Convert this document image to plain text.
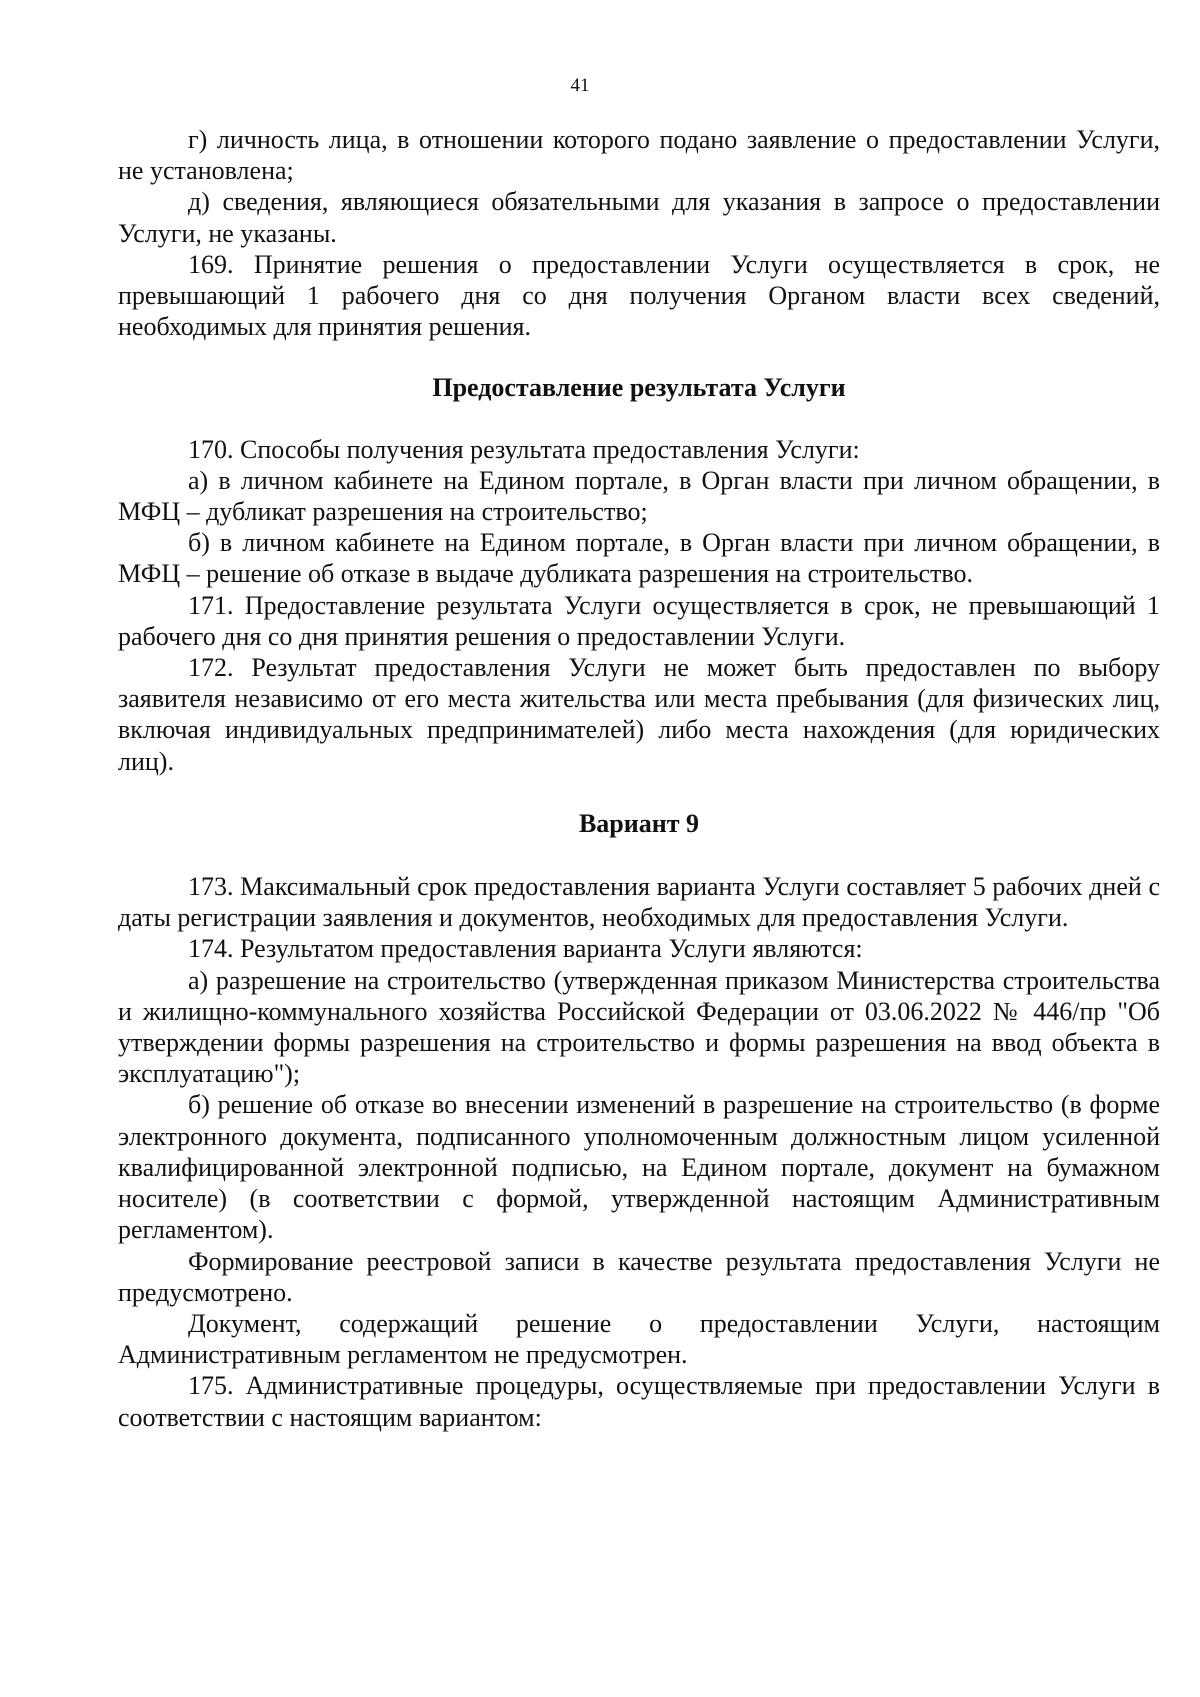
41

г) личность лица, в отношении которого подано заявление о предоставлении Услуги, не установлена;

д) сведения, являющиеся обязательными для указания в запросе о предоставлении Услуги, не указаны.

169. Принятие решения о предоставлении Услуги осуществляется в срок, не превышающий 1 рабочего дня со дня получения Органом власти всех сведений, необходимых для принятия решения.

Предоставление результата Услуги

170. Способы получения результата предоставления Услуги:

а) в личном кабинете на Едином портале, в Орган власти при личном обращении, в МФЦ – дубликат разрешения на строительство;

б) в личном кабинете на Едином портале, в Орган власти при личном обращении, в МФЦ – решение об отказе в выдаче дубликата разрешения на строительство.

171. Предоставление результата Услуги осуществляется в срок, не превышающий 1 рабочего дня со дня принятия решения о предоставлении Услуги.

172. Результат предоставления Услуги не может быть предоставлен по выбору заявителя независимо от его места жительства или места пребывания (для физических лиц, включая индивидуальных предпринимателей) либо места нахождения (для юридических лиц).

Вариант 9

173. Максимальный срок предоставления варианта Услуги составляет 5 рабочих дней с даты регистрации заявления и документов, необходимых для предоставления Услуги.

174. Результатом предоставления варианта Услуги являются:

а) разрешение на строительство (утвержденная приказом Министерства строительства и жилищно-коммунального хозяйства Российской Федерации от 03.06.2022 № 446/пр "Об утверждении формы разрешения на строительство и формы разрешения на ввод объекта в эксплуатацию");

б) решение об отказе во внесении изменений в разрешение на строительство (в форме электронного документа, подписанного уполномоченным должностным лицом усиленной квалифицированной электронной подписью, на Едином портале, документ на бумажном носителе) (в соответствии с формой, утвержденной настоящим Административным регламентом).

Формирование реестровой записи в качестве результата предоставления Услуги не предусмотрено.

Документ, содержащий решение о предоставлении Услуги, настоящим Административным регламентом не предусмотрен.

175. Административные процедуры, осуществляемые при предоставлении Услуги в соответствии с настоящим вариантом:
